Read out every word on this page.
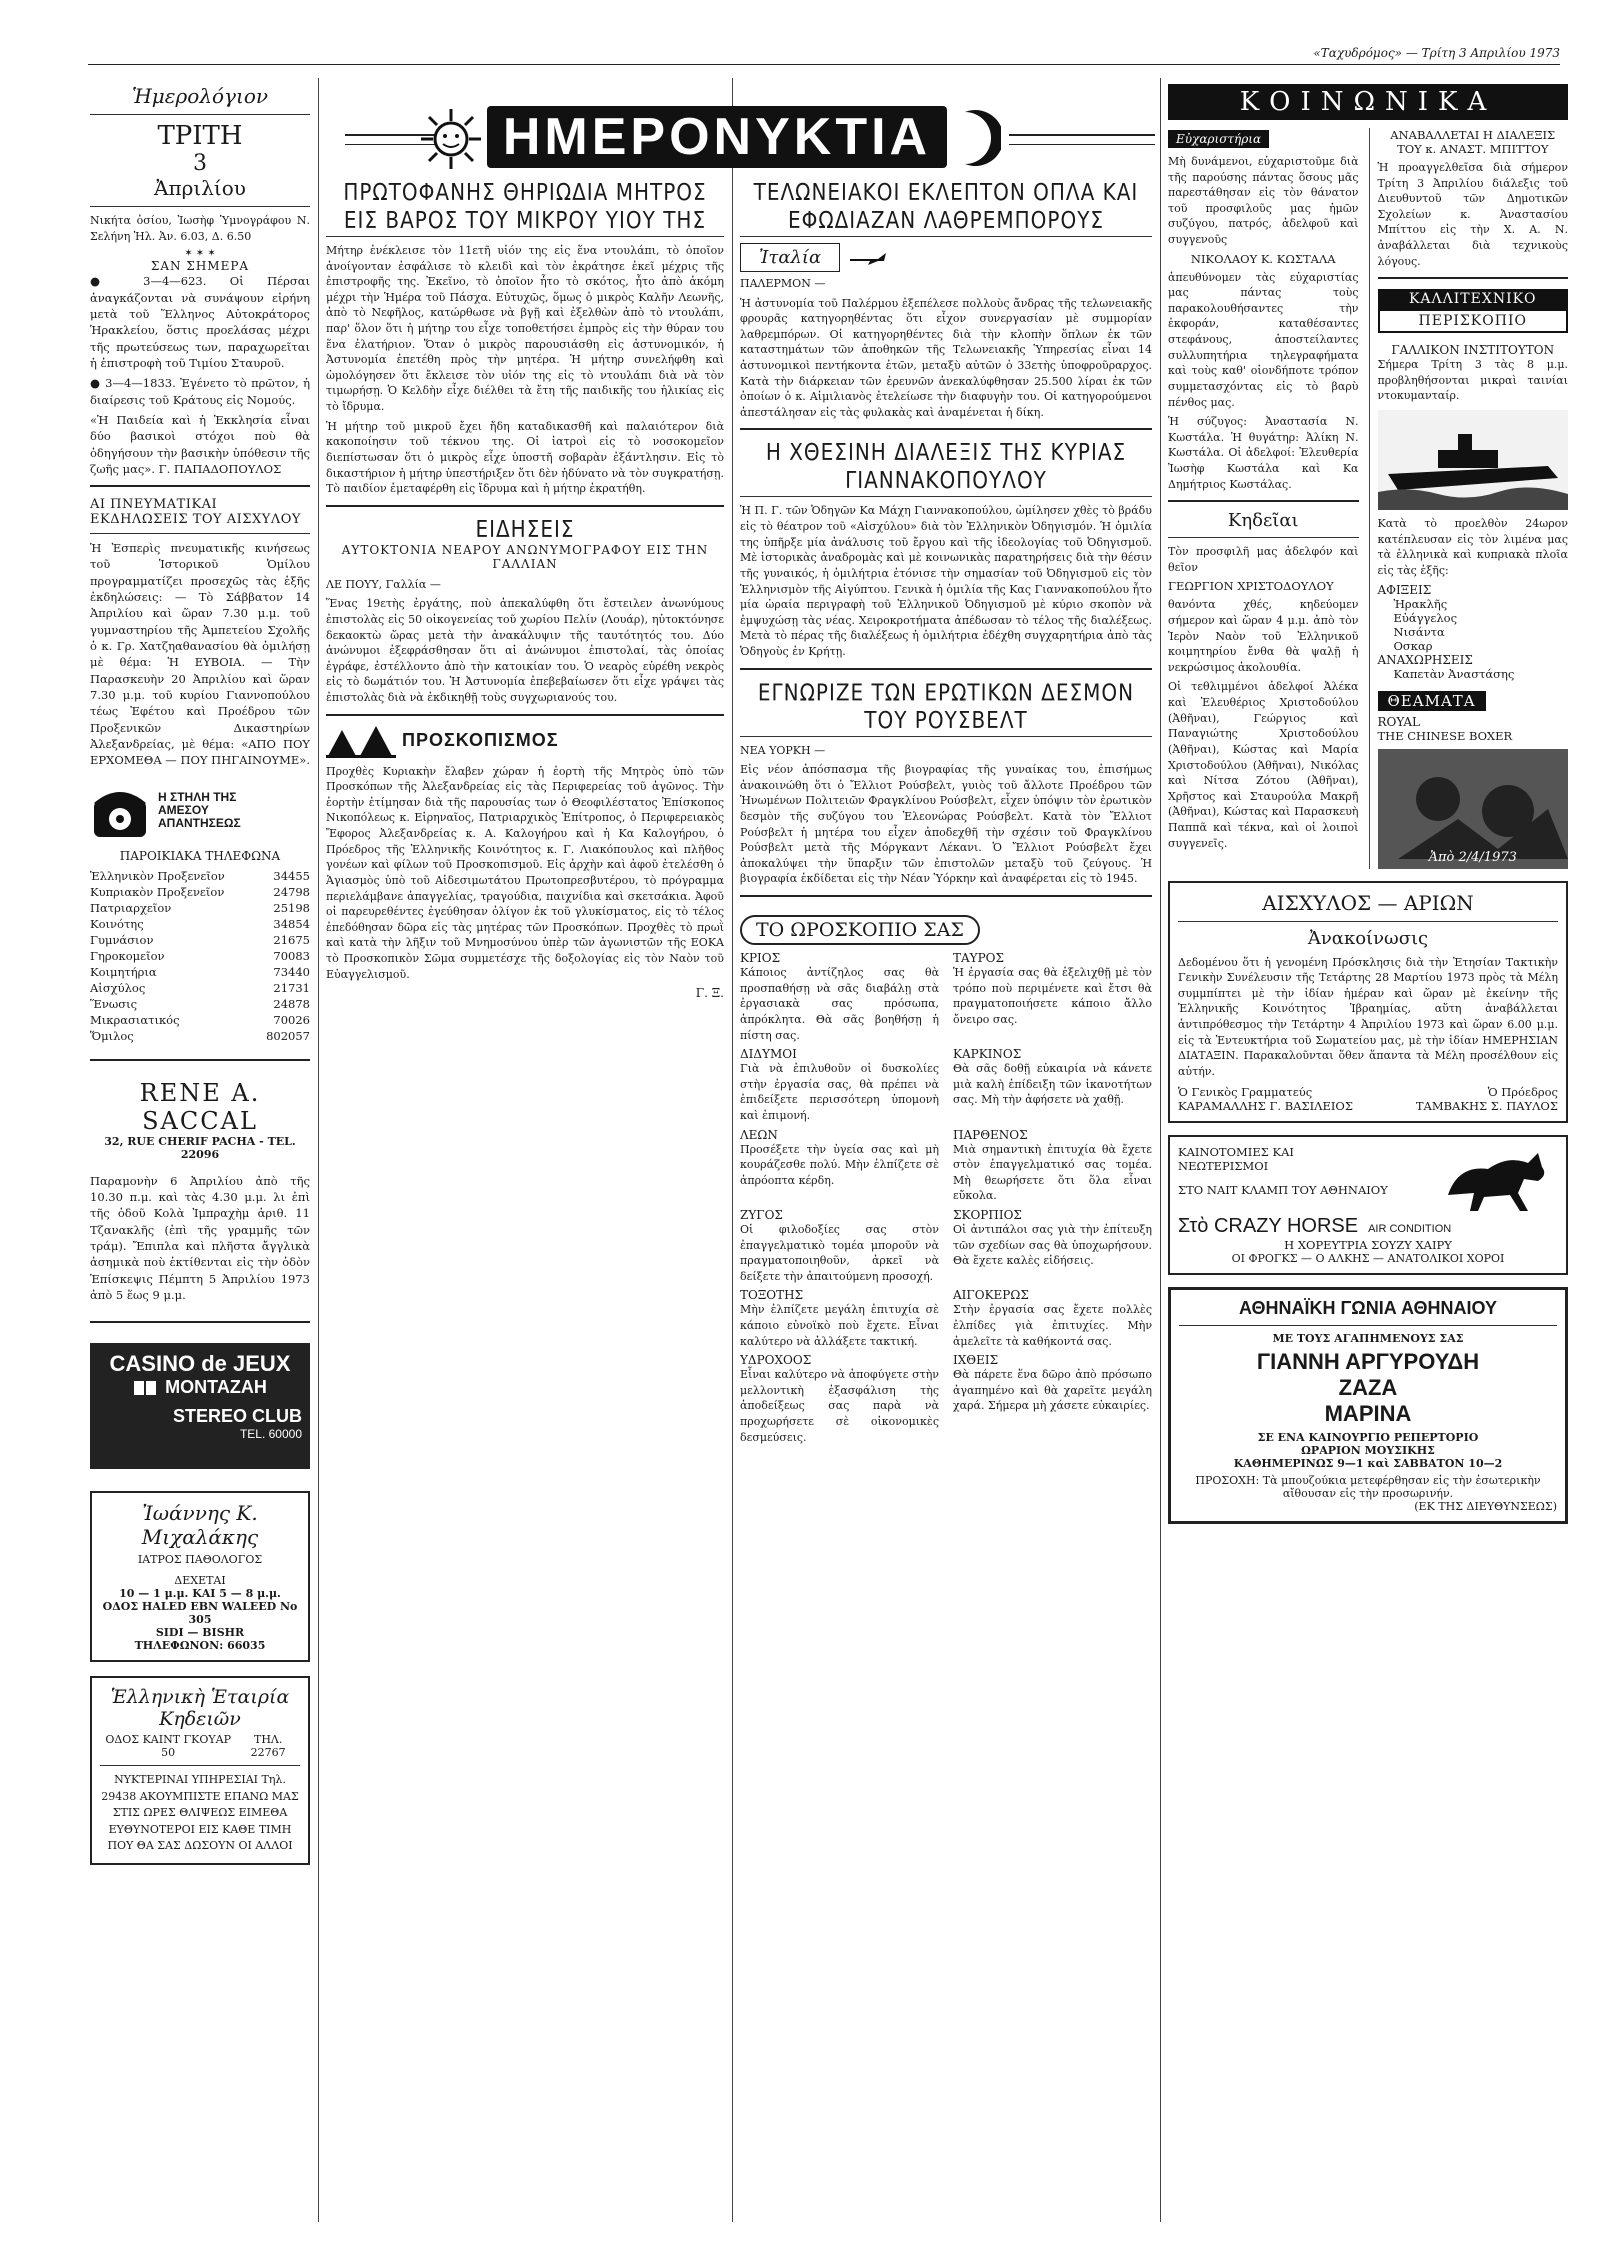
«Ταχυδρόμος» — Τρίτη 3 Απριλίου 1973
Ἡμερολόγιον
ΤΡΙΤΗ
3
Ἀπριλίου

Νικήτα ὁσίου, Ἰωσὴφ Ὑμνογράφου Ν. Σελήνη Ἡλ. Ἀν. 6.03, Δ. 6.50

✶ ✶ ✶
ΣΑΝ ΣΗΜΕΡΑ

● 3—4—623. Οἱ Πέρσαι ἀναγκάζονται νὰ συνάψουν εἰρήνη μετὰ τοῦ Ἕλληνος Αὐτοκράτορος Ἡρακλείου, ὅστις προελάσας μέχρι τῆς πρωτεύσεως των, παραχωρεῖται ἡ ἐπιστροφὴ τοῦ Τιμίου Σταυροῦ.

● 3—4—1833. Ἐγένετο τὸ πρῶτον, ἡ διαίρεσις τοῦ Κράτους εἰς Νομούς.

«Ἡ Παιδεία καὶ ἡ Ἐκκλησία εἶναι δύο βασικοὶ στόχοι ποὺ θὰ ὁδηγήσουν τὴν βασικὴν ὑπόθεσιν τῆς ζωῆς μας». Γ. ΠΑΠΑΔΟΠΟΥΛΟΣ

ΑΙ ΠΝΕΥΜΑΤΙΚΑΙ ΕΚΔΗΛΩΣΕΙΣ ΤΟΥ ΑΙΣΧΥΛΟΥ

Ἡ Ἑσπερὶς πνευματικῆς κινήσεως τοῦ Ἱστορικοῦ Ὁμίλου προγραμματίζει προσεχῶς τὰς ἑξῆς ἐκδηλώσεις: — Τὸ Σάββατον 14 Ἀπριλίου καὶ ὥραν 7.30 μ.μ. τοῦ γυμναστηρίου τῆς Ἀμπετείου Σχολῆς ὁ κ. Γρ. Χατζηαθανασίου θὰ ὁμιλήσῃ μὲ θέμα: Ἡ ΕΥΒΟΙΑ. — Τὴν Παρασκευὴν 20 Ἀπριλίου καὶ ὥραν 7.30 μ.μ. τοῦ κυρίου Γιαννοπούλου τέως Ἐφέτου καὶ Προέδρου τῶν Προξενικῶν Δικαστηρίων Ἀλεξανδρείας, μὲ θέμα: «ΑΠΟ ΠΟΥ ΕΡΧΟΜΕΘΑ — ΠΟΥ ΠΗΓΑΙΝΟΥΜΕ».

Η ΣΤΗΛΗ ΤΗΣ ΑΜΕΣΟΥ ΑΠΑΝΤΗΣΕΩΣ
ΠΑΡΟΙΚΙΑΚΑ ΤΗΛΕΦΩΝΑ
Ἑλληνικὸν Προξενεῖον	34455
Κυπριακὸν Προξενεῖον	24798
Πατριαρχεῖον	25198
Κοινότης	34854
Γυμνάσιον	21675
Γηροκομεῖον	70083
Κοιμητήρια	73440
Αἰσχύλος	21731
Ἕνωσις	24878
Μικρασιατικός	70026
Ὅμιλος	802057
RENE A. SACCAL
32, RUE CHERIF PACHA - TEL. 22096

Παραμονὴν 6 Ἀπριλίου ἀπὸ τῆς 10.30 π.μ. καὶ τὰς 4.30 μ.μ. λι ἐπὶ τῆς ὁδοῦ Κολὰ Ἰμπραχὴμ ἀριθ. 11 Τζανακλῆς (ἐπὶ τῆς γραμμῆς τῶν τράμ). Ἔπιπλα καὶ πλῆστα ἄγγλικὰ ἀσημικὰ ποὺ ἐκτίθενται εἰς τὴν ὁδὸν Ἐπίσκεψις Πέμπτη 5 Ἀπριλίου 1973 ἀπὸ 5 ἕως 9 μ.μ.

CASINO de JEUX
MONTAZAH
STEREO CLUB
TEL. 60000
Ἰωάννης Κ. Μιχαλάκης
ΙΑΤΡΟΣ ΠΑΘΟΛΟΓΟΣ
ΔΕΧΕΤΑΙ
10 — 1 μ.μ. ΚΑΙ 5 — 8 μ.μ.
ΟΔΟΣ HALED EBN WALEED No 305
SIDI — BISHR
ΤΗΛΕΦΩΝΟΝ: 66035
Ἑλληνικὴ Ἑταιρία Κηδειῶν
ΟΔΟΣ ΚΑΙΝΤ ΓΚΟΥΑΡ 50
ΤΗΛ. 22767
ΝΥΚΤΕΡΙΝΑΙ ΥΠΗΡΕΣΙΑΙ Τηλ. 29438 ΑΚΟΥΜΠΙΣΤΕ ΕΠΑΝΩ ΜΑΣ ΣΤΙΣ ΩΡΕΣ ΘΛΙΨΕΩΣ ΕΙΜΕΘΑ ΕΥΘΥΝΟΤΕΡΟΙ ΕΙΣ ΚΑΘΕ ΤΙΜΗ ΠΟΥ ΘΑ ΣΑΣ ΔΩΣΟΥΝ ΟΙ ΑΛΛΟΙ
ΗΜΕΡΟΝΥΚΤΙΑ
ΠΡΩΤΟΦΑΝΗΣ ΘΗΡΙΩΔΙΑ ΜΗΤΡΟΣ ΕΙΣ ΒΑΡΟΣ ΤΟΥ ΜΙΚΡΟΥ ΥΙΟΥ ΤΗΣ

Μήτηρ ἐνέκλεισε τὸν 11ετῆ υἱόν της εἰς ἕνα ντουλάπι, τὸ ὁποῖον ἀνοίγονταν ἐσφάλισε τὸ κλειδὶ καὶ τὸν ἐκράτησε ἐκεῖ μέχρις τῆς ἐπιστροφῆς της. Ἐκεῖνο, τὸ ὁποῖον ἦτο τὸ σκότος, ἦτο ἀπὸ ἀκόμη μέχρι τὴν Ἡμέρα τοῦ Πάσχα. Εὐτυχῶς, ὅμως ὁ μικρὸς Καλῆν Λεωνῆς, ἀπὸ τὸ Νεφῆλος, κατώρθωσε νὰ βγῇ καὶ ἐξελθὼν ἀπὸ τὸ ντουλάπι, παρ' ὅλον ὅτι ἡ μήτηρ του εἶχε τοποθετήσει ἐμπρὸς εἰς τὴν θύραν του ἕνα ἐλατήριον. Ὅταν ὁ μικρὸς παρουσιάσθη εἰς ἀστυνομικόν, ἡ Ἀστυνομία ἐπετέθη πρὸς τὴν μητέρα. Ἡ μήτηρ συνελήφθη καὶ ὡμολόγησεν ὅτι ἔκλεισε τὸν υἱόν της εἰς τὸ ντουλάπι διὰ νὰ τὸν τιμωρήσῃ. Ὁ Κελδὴν εἶχε διέλθει τὰ ἔτη τῆς παιδικῆς του ἡλικίας εἰς τὸ ἴδρυμα.

Ἡ μήτηρ τοῦ μικροῦ ἔχει ἤδη καταδικασθῆ καὶ παλαιότερον διὰ κακοποίησιν τοῦ τέκνου της. Οἱ ἰατροὶ εἰς τὸ νοσοκομεῖον διεπίστωσαν ὅτι ὁ μικρὸς εἶχε ὑποστῆ σοβαρὰν ἐξάντλησιν. Εἰς τὸ δικαστήριον ἡ μήτηρ ὑπεστήριξεν ὅτι δὲν ἠδύνατο νὰ τὸν συγκρατήσῃ. Τὸ παιδίον ἐμεταφέρθη εἰς ἴδρυμα καὶ ἡ μήτηρ ἐκρατήθη.

ΕΙΔΗΣΕΙΣ
ΑΥΤΟΚΤΟΝΙΑ ΝΕΑΡΟΥ ΑΝΩΝΥΜΟΓΡΑΦΟΥ ΕΙΣ ΤΗΝ ΓΑΛΛΙΑΝ

ΛΕ ΠΟΥΥ, Γαλλία —

Ἕνας 19ετὴς ἐργάτης, ποὺ ἀπεκαλύφθη ὅτι ἔστειλεν ἀνωνύμους ἐπιστολὰς εἰς 50 οἰκογενείας τοῦ χωρίου Πελίν (Λουάρ), ηὐτοκτόνησε δεκαοκτὼ ὥρας μετὰ τὴν ἀνακάλυψιν τῆς ταυτότητός του. Δύο ἀνώνυμοι ἐξεφράσθησαν ὅτι αἱ ἀνώνυμοι ἐπιστολαί, τὰς ὁποίας ἐγράφε, ἐστέλλοντο ἀπὸ τὴν κατοικίαν του. Ὁ νεαρὸς εὑρέθη νεκρὸς εἰς τὸ δωμάτιόν του. Ἡ Ἀστυνομία ἐπεβεβαίωσεν ὅτι εἶχε γράψει τὰς ἐπιστολὰς διὰ νὰ ἐκδικηθῇ τοὺς συγχωριανούς του.

ΠΡΟΣΚΟΠΙΣΜΟΣ

Προχθὲς Κυριακὴν ἔλαβεν χώραν ἡ ἐορτὴ τῆς Μητρὸς ὑπὸ τῶν Προσκόπων τῆς Ἀλεξανδρείας εἰς τὰς Περιφερείας τοῦ ἀγῶνος. Τὴν ἑορτὴν ἐτίμησαν διὰ τῆς παρουσίας των ὁ Θεοφιλέστατος Ἐπίσκοπος Νικοπόλεως κ. Εἰρηναῖος, Πατριαρχικὸς Ἐπίτροπος, ὁ Περιφερειακὸς Ἔφορος Ἀλεξανδρείας κ. Α. Καλογήρου καὶ ἡ Κα Καλογήρου, ὁ Πρόεδρος τῆς Ἑλληνικῆς Κοινότητος κ. Γ. Λιακόπουλος καὶ πλῆθος γονέων καὶ φίλων τοῦ Προσκοπισμοῦ. Εἰς ἀρχὴν καὶ ἀφοῦ ἐτελέσθη ὁ Ἁγιασμὸς ὑπὸ τοῦ Αἰδεσιμωτάτου Πρωτοπρεσβυτέρου, τὸ πρόγραμμα περιελάμβανε ἀπαγγελίας, τραγούδια, παιχνίδια καὶ σκετσάκια. Ἀφοῦ οἱ παρευρεθέντες ἐγεύθησαν ὀλίγον ἐκ τοῦ γλυκίσματος, εἰς τὸ τέλος ἐπεδόθησαν δῶρα εἰς τὰς μητέρας τῶν Προσκόπων. Προχθὲς τὸ πρωῒ καὶ κατὰ τὴν λῆξιν τοῦ Μνημοσύνου ὑπὲρ τῶν ἀγωνιστῶν τῆς ΕΟΚΑ τὸ Προσκοπικὸν Σῶμα συμμετέσχε τῆς δοξολογίας εἰς τὸν Ναὸν τοῦ Εὐαγγελισμοῦ.

Γ. Ξ.
ΤΕΛΩΝΕΙΑΚΟΙ ΕΚΛΕΠΤΟΝ ΟΠΛΑ ΚΑΙ ΕΦΩΔΙΑΖΑΝ ΛΑΘΡΕΜΠΟΡΟΥΣ
Ἰταλία

ΠΑΛΕΡΜΟΝ —

Ἡ ἀστυνομία τοῦ Παλέρμου ἐξεπέλεσε πολλοὺς ἄνδρας τῆς τελωνειακῆς φρουρᾶς κατηγορηθέντας ὅτι εἶχον συνεργασίαν μὲ συμμορίαν λαθρεμπόρων. Οἱ κατηγορηθέντες διὰ τὴν κλοπὴν ὅπλων ἐκ τῶν καταστημάτων τῶν ἀποθηκῶν τῆς Τελωνειακῆς Ὑπηρεσίας εἶναι 14 ἀστυνομικοὶ πεντήκοντα ἐτῶν, μεταξὺ αὐτῶν ὁ 33ετὴς ὑποφροῦραρχος. Κατὰ τὴν διάρκειαν τῶν ἐρευνῶν ἀνεκαλύφθησαν 25.500 λίραι ἐκ τῶν ὁποίων ὁ κ. Αἰμιλιανὸς ἐτελείωσε τὴν διαφυγὴν του. Οἱ κατηγορούμενοι ἀπεστάλησαν εἰς τὰς φυλακὰς καὶ ἀναμένεται ἡ δίκη.

Η ΧΘΕΣΙΝΗ ΔΙΑΛΕΞΙΣ ΤΗΣ ΚΥΡΙΑΣ ΓΙΑΝΝΑΚΟΠΟΥΛΟΥ

Ἡ Π. Γ. τῶν Ὁδηγῶν Κα Μάχη Γιαννακοπούλου, ὡμίλησεν χθὲς τὸ βράδυ εἰς τὸ θέατρον τοῦ «Αἰσχύλου» διὰ τὸν Ἑλληνικὸν Ὀδηγισμόν. Ἡ ὁμιλία της ὑπῆρξε μία ἀνάλυσις τοῦ ἔργου καὶ τῆς ἱδεολογίας τοῦ Ὀδηγισμοῦ. Μὲ ἱστορικὰς ἀναδρομὰς καὶ μὲ κοινωνικὰς παρατηρήσεις διὰ τὴν θέσιν τῆς γυναικός, ἡ ὁμιλήτρια ἐτόνισε τὴν σημασίαν τοῦ Ὀδηγισμοῦ εἰς τὸν Ἑλληνισμὸν τῆς Αἰγύπτου. Γενικὰ ἡ ὁμιλία τῆς Κας Γιαννακοπούλου ἦτο μία ὡραία περιγραφὴ τοῦ Ἑλληνικοῦ Ὀδηγισμοῦ μὲ κύριο σκοπὸν νὰ ἐμψυχώσῃ τὰς νέας. Χειροκροτήματα ἀπέδωσαν τὸ τέλος τῆς διαλέξεως. Μετὰ τὸ πέρας τῆς διαλέξεως ἡ ὁμιλήτρια ἐδέχθη συγχαρητήρια ἀπὸ τὰς Ὁδηγοὺς ἐν Κρήτῃ.

ΕΓΝΩΡΙΖΕ ΤΩΝ ΕΡΩΤΙΚΩΝ ΔΕΣΜΟΝ ΤΟΥ ΡΟΥΣΒΕΛΤ

ΝΕΑ ΥΟΡΚΗ —

Εἰς νέον ἀπόσπασμα τῆς βιογραφίας τῆς γυναίκας του, ἐπισήμως ἀνακοινώθη ὅτι ὁ Ἔλλιοτ Ρούσβελτ, γυιὸς τοῦ ἄλλοτε Προέδρου τῶν Ἡνωμένων Πολιτειῶν Φραγκλίνου Ρούσβελτ, εἶχεν ὑπόψιν τὸν ἐρωτικὸν δεσμὸν τῆς συζύγου του Ἐλεονώρας Ρούσβελτ. Κατὰ τὸν Ἔλλιοτ Ρούσβελτ ἡ μητέρα του εἶχεν ἀποδεχθῆ τὴν σχέσιν τοῦ Φραγκλίνου Ρούσβελτ μετὰ τῆς Μόργκαντ Λέκανι. Ὁ Ἔλλιοτ Ρούσβελτ ἔχει ἀποκαλύψει τὴν ὕπαρξιν τῶν ἐπιστολῶν μεταξὺ τοῦ ζεύγους. Ἡ βιογραφία ἐκδίδεται εἰς τὴν Νέαν Ὑόρκην καὶ ἀναφέρεται εἰς τὸ 1945.

ΤΟ ΩΡΟΣΚΟΠΙΟ ΣΑΣ
ΚΡΙΟΣ

Κάποιος ἀντίζηλος σας θὰ προσπαθήσῃ νὰ σᾶς διαβάλῃ στὰ ἐργασιακὰ σας πρόσωπα, ἀπρόκλητα. Θὰ σᾶς βοηθήσῃ ἡ πίστη σας.

ΤΑΥΡΟΣ

Ἡ ἐργασία σας θὰ ἐξελιχθῇ μὲ τὸν τρόπο ποὺ περιμένετε καὶ ἔτσι θὰ πραγματοποιήσετε κάποιο ἄλλο ὄνειρο σας.

ΔΙΔΥΜΟΙ

Γιὰ νὰ ἐπιλυθοῦν οἱ δυσκολίες στὴν ἐργασία σας, θὰ πρέπει νὰ ἐπιδείξετε περισσότερη ὑπομονὴ καὶ ἐπιμονή.

ΚΑΡΚΙΝΟΣ

Θὰ σᾶς δοθῇ εὐκαιρία νὰ κάνετε μιὰ καλὴ ἐπίδειξη τῶν ἱκανοτήτων σας. Μὴ τὴν ἀφήσετε νὰ χαθῇ.

ΛΕΩΝ

Προσέξετε τὴν ὑγεία σας καὶ μὴ κουράζεσθε πολύ. Μὴν ἐλπίζετε σὲ ἀπρόοπτα κέρδη.

ΠΑΡΘΕΝΟΣ

Μιὰ σημαντικὴ ἐπιτυχία θὰ ἔχετε στὸν ἐπαγγελματικό σας τομέα. Μὴ θεωρήσετε ὅτι ὅλα εἶναι εὔκολα.

ΖΥΓΟΣ

Οἱ φιλοδοξίες σας στὸν ἐπαγγελματικὸ τομέα μποροῦν νὰ πραγματοποιηθοῦν, ἀρκεῖ νὰ δείξετε τὴν ἀπαιτούμενη προσοχή.

ΣΚΟΡΠΙΟΣ

Οἱ ἀντιπάλοι σας γιὰ τὴν ἐπίτευξη τῶν σχεδίων σας θὰ ὑποχωρήσουν. Θὰ ἔχετε καλὲς εἰδήσεις.

ΤΟΞΟΤΗΣ

Μὴν ἐλπίζετε μεγάλη ἐπιτυχία σὲ κάποιο εὐνοϊκὸ ποὺ ἔχετε. Εἶναι καλύτερο νὰ ἀλλάξετε τακτική.

ΑΙΓΟΚΕΡΩΣ

Στὴν ἐργασία σας ἔχετε πολλὲς ἐλπίδες γιὰ ἐπιτυχίες. Μὴν ἀμελεῖτε τὰ καθήκοντά σας.

ΥΔΡΟΧΟΟΣ

Εἶναι καλύτερο νὰ ἀποφύγετε στὴν μελλοντικὴ ἐξασφάλιση τὴς ἀποδείξεως σας παρὰ νὰ προχωρήσετε σὲ οἰκονομικὲς δεσμεύσεις.

ΙΧΘΕΙΣ

Θὰ πάρετε ἕνα δῶρο ἀπὸ πρόσωπο ἀγαπημένο καὶ θὰ χαρεῖτε μεγάλη χαρά. Σήμερα μὴ χάσετε εὐκαιρίες.

ΚΟΙΝΩΝΙΚΑ
Εὐχαριστήρια

Μὴ δυνάμενοι, εὐχαριστοῦμε διὰ τῆς παρούσης πάντας ὅσους μᾶς παρεστάθησαν εἰς τὸν θάνατον τοῦ προσφιλοῦς μας ἡμῶν συζύγου, πατρός, ἀδελφοῦ καὶ συγγενοῦς

ΝΙΚΟΛΑΟΥ Κ. ΚΩΣΤΑΛΑ

ἀπευθύνομεν τὰς εὐχαριστίας μας πάντας τοὺς παρακολουθήσαντες τὴν ἐκφοράν, καταθέσαντες στεφάνους, ἀποστείλαντες συλλυπητήρια τηλεγραφήματα καὶ τοὺς καθ' οἱονδήποτε τρόπον συμμετασχόντας εἰς τὸ βαρὺ πένθος μας.

Ἡ σύζυγος: Ἀναστασία Ν. Κωστάλα. Ἡ θυγάτηρ: Ἀλίκη Ν. Κωστάλα. Οἱ ἀδελφοί: Ἐλευθερία Ἰωσὴφ Κωστάλα καὶ Κα Δημήτριος Κωστάλας.

Κηδεῖαι

Τὸν προσφιλῆ μας ἀδελφόν καὶ θεῖον

ΓΕΩΡΓΙΟΝ ΧΡΙΣΤΟΔΟΥΛΟΥ

θανόντα χθές, κηδεύομεν σήμερον καὶ ὥραν 4 μ.μ. ἀπὸ τὸν Ἱερὸν Ναὸν τοῦ Ἑλληνικοῦ κοιμητηρίου ἔνθα θὰ ψαλῇ ἡ νεκρώσιμος ἀκολουθία.

Οἱ τεθλιμμένοι ἀδελφοί Ἀλέκα καὶ Ἐλευθέριος Χριστοδούλου (Ἀθῆναι), Γεώργιος καὶ Παναγιώτης Χριστοδούλου (Ἀθῆναι), Κώστας καὶ Μαρία Χριστοδούλου (Ἀθῆναι), Νικόλας καὶ Νίτσα Ζότου (Ἀθῆναι), Χρῆστος καὶ Σταυρούλα Μακρῆ (Ἀθῆναι), Κώστας καὶ Παρασκευὴ Παππᾶ καὶ τέκνα, καὶ οἱ λοιποὶ συγγενεῖς.

ΑΝΑΒΑΛΛΕΤΑΙ Η ΔΙΑΛΕΞΙΣ ΤΟΥ κ. ΑΝΑΣΤ. ΜΠΙΤΤΟΥ

Ἡ προαγγελθεῖσα διὰ σήμερον Τρίτη 3 Ἀπριλίου διάλεξις τοῦ Διευθυντοῦ τῶν Δημοτικῶν Σχολείων κ. Ἀναστασίου Μπίττου εἰς τὴν Χ. Α. Ν. ἀναβάλλεται διὰ τεχνικοὺς λόγους.

ΚΑΛΛΙΤΕΧΝΙΚΟ
ΠΕΡΙΣΚΟΠΙΟ
ΓΑΛΛΙΚΟΝ ΙΝΣΤΙΤΟΥΤΟΝ

Σήμερα Τρίτη 3 τὰς 8 μ.μ. προβληθήσονται μικραὶ ταινίαι ντοκυμανταίρ.

Κατὰ τὸ προελθὸν 24ωρον κατέπλευσαν εἰς τὸν λιμένα μας τὰ ἑλληνικὰ καὶ κυπριακὰ πλοῖα εἰς τὰς ἑξῆς:

ΑΦΙΞΕΙΣ
Ἡρακλῆς
Εὐάγγελος
Νισάντα
Οσκαρ
ΑΝΑΧΩΡΗΣΕΙΣ
Καπετὰν Ἀναστάσης
ΘΕΑΜΑΤΑ
ROYAL
THE CHINESE BOXER
Ἀπὸ 2/4/1973
ΑΙΣΧΥΛΟΣ — ΑΡΙΩΝ
Ἀνακοίνωσις

Δεδομένου ὅτι ἡ γενομένη Πρόσκλησις διὰ τὴν Ἐτησίαν Τακτικὴν Γενικὴν Συνέλευσιν τῆς Τετάρτης 28 Μαρτίου 1973 πρὸς τὰ Μέλη συμμπίπτει μὲ τὴν ἰδίαν ἡμέραν καὶ ὥραν μὲ ἐκείνην τῆς Ἑλληνικῆς Κοινότητος Ἰβραημίας, αὕτη ἀναβάλλεται ἀντιπρόθεσμος τὴν Τετάρτην 4 Ἀπριλίου 1973 καὶ ὥραν 6.00 μ.μ. εἰς τὰ Ἐντευκτήρια τοῦ Σωματείου μας, μὲ τὴν ἰδίαν ΗΜΕΡΗΣΙΑΝ ΔΙΑΤΑΞΙΝ. Παρακαλοῦνται ὅθεν ἅπαντα τὰ Μέλη προσέλθουν εἰς αὐτήν.

Ὁ Γενικὸς Γραμματεύς	Ὁ Πρόεδρος
ΚΑΡΑΜΑΛΛΗΣ Γ. ΒΑΣΙΛΕΙΟΣ	ΤΑΜΒΑΚΗΣ Σ. ΠΑΥΛΟΣ
ΚΑΙΝΟΤΟΜΙΕΣ ΚΑΙ ΝΕΩΤΕΡΙΣΜΟΙ
ΣΤΟ ΝΑΙΤ ΚΛΑΜΠ ΤΟΥ ΑΘΗΝΑΙΟΥ
Στὸ CRAZY HORSE AIR CONDITION
Η ΧΟΡΕΥΤΡΙΑ ΣΟΥΖΥ ΧΑΙΡΥ
ΟΙ ΦΡΟΓΚΣ — Ο ΑΛΚΗΣ — ΑΝΑΤΟΛΙΚΟΙ ΧΟΡΟΙ
ΑΘΗΝΑΪΚΗ ΓΩΝΙΑ ΑΘΗΝΑΙΟΥ
ΜΕ ΤΟΥΣ ΑΓΑΠΗΜΕΝΟΥΣ ΣΑΣ
ΓΙΑΝΝΗ ΑΡΓΥΡΟΥΔΗ
ΖΑΖΑ
ΜΑΡΙΝΑ
ΣΕ ΕΝΑ ΚΑΙΝΟΥΡΓΙΟ ΡΕΠΕΡΤΟΡΙΟ
ΩΡΑΡΙΟΝ ΜΟΥΣΙΚΗΣ
ΚΑΘΗΜΕΡΙΝΩΣ 9—1 καὶ ΣΑΒΒΑΤΟΝ 10—2
ΠΡΟΣΟΧΗ: Τὰ μπουζούκια μετεφέρθησαν εἰς τὴν ἐσωτερικὴν αἴθουσαν εἰς τὴν προσωρινήν.
(ΕΚ ΤΗΣ ΔΙΕΥΘΥΝΣΕΩΣ)
